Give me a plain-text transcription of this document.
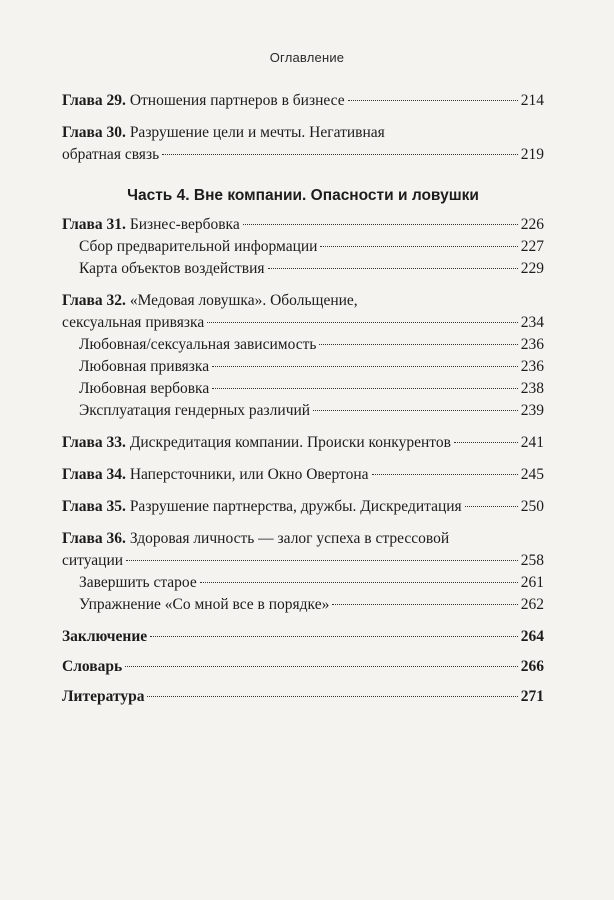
Оглавление
Глава 29. Отношения партнеров в бизнесе	214
Глава 30. Разрушение цели и мечты. Негативная
обратная связь	219
Часть 4. Вне компании. Опасности и ловушки
Глава 31. Бизнес-вербовка	226
Сбор предварительной информации	227
Карта объектов воздействия	229
Глава 32. «Медовая ловушка». Обольщение,
сексуальная привязка	234
Любовная/сексуальная зависимость	236
Любовная привязка	236
Любовная вербовка	238
Эксплуатация гендерных различий	239
Глава 33. Дискредитация компании. Происки конкурентов	241
Глава 34. Наперсточники, или Окно Овертона	245
Глава 35. Разрушение партнерства, дружбы. Дискредитация	250
Глава 36. Здоровая личность — залог успеха в стрессовой
ситуации	258
Завершить старое	261
Упражнение «Со мной все в порядке»	262
Заключение	264
Словарь	266
Литература	271
